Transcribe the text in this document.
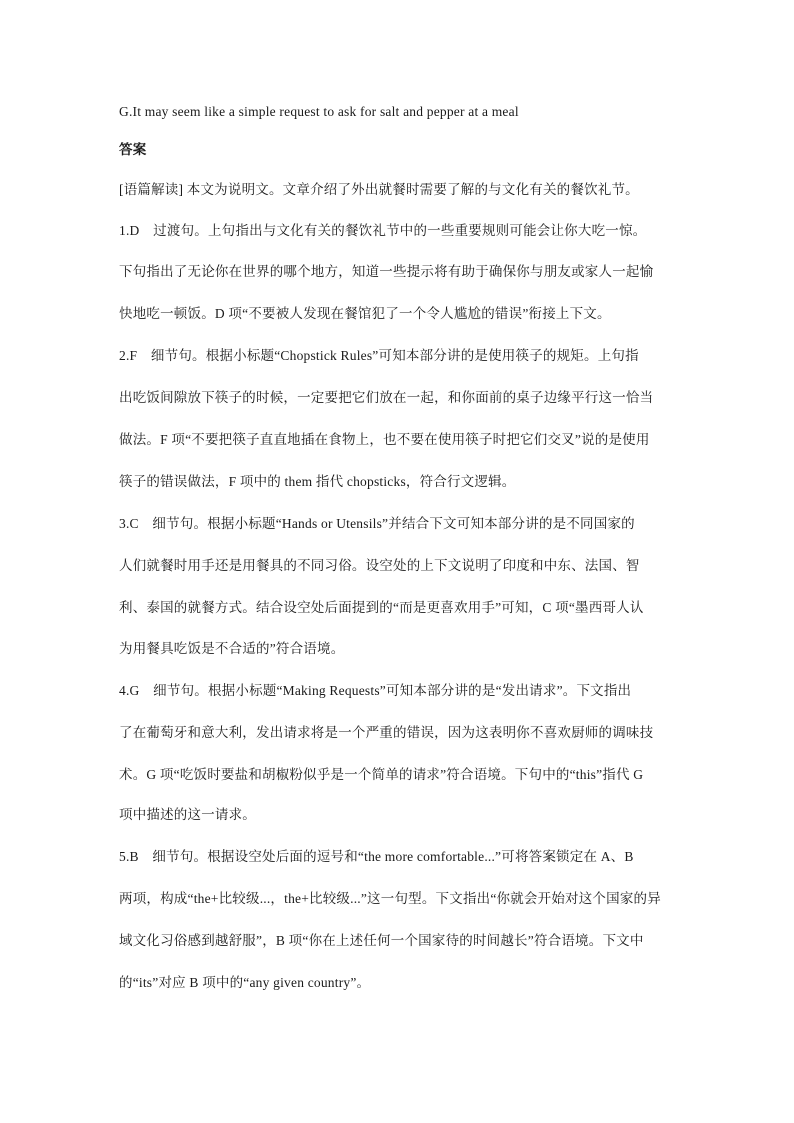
G.It may seem like a simple request to ask for salt and pepper at a meal
答案
[语篇解读] 本文为说明文。文章介绍了外出就餐时需要了解的与文化有关的餐饮礼节。
1.D　过渡句。上句指出与文化有关的餐饮礼节中的一些重要规则可能会让你大吃一惊。
下句指出了无论你在世界的哪个地方，知道一些提示将有助于确保你与朋友或家人一起愉
快地吃一顿饭。D 项“不要被人发现在餐馆犯了一个令人尴尬的错误”衔接上下文。
2.F　细节句。根据小标题“Chopstick Rules”可知本部分讲的是使用筷子的规矩。上句指
出吃饭间隙放下筷子的时候，一定要把它们放在一起，和你面前的桌子边缘平行这一恰当
做法。F 项“不要把筷子直直地插在食物上，也不要在使用筷子时把它们交叉”说的是使用
筷子的错误做法，F 项中的 them 指代 chopsticks，符合行文逻辑。
3.C　细节句。根据小标题“Hands or Utensils”并结合下文可知本部分讲的是不同国家的
人们就餐时用手还是用餐具的不同习俗。设空处的上下文说明了印度和中东、法国、智
利、泰国的就餐方式。结合设空处后面提到的“而是更喜欢用手”可知，C 项“墨西哥人认
为用餐具吃饭是不合适的”符合语境。
4.G　细节句。根据小标题“Making Requests”可知本部分讲的是“发出请求”。下文指出
了在葡萄牙和意大利，发出请求将是一个严重的错误，因为这表明你不喜欢厨师的调味技
术。G 项“吃饭时要盐和胡椒粉似乎是一个简单的请求”符合语境。下句中的“this”指代 G
项中描述的这一请求。
5.B　细节句。根据设空处后面的逗号和“the more comfortable...”可将答案锁定在 A、B
两项，构成“the+比较级...，the+比较级...”这一句型。下文指出“你就会开始对这个国家的异
域文化习俗感到越舒服”，B 项“你在上述任何一个国家待的时间越长”符合语境。下文中
的“its”对应 B 项中的“any given country”。
